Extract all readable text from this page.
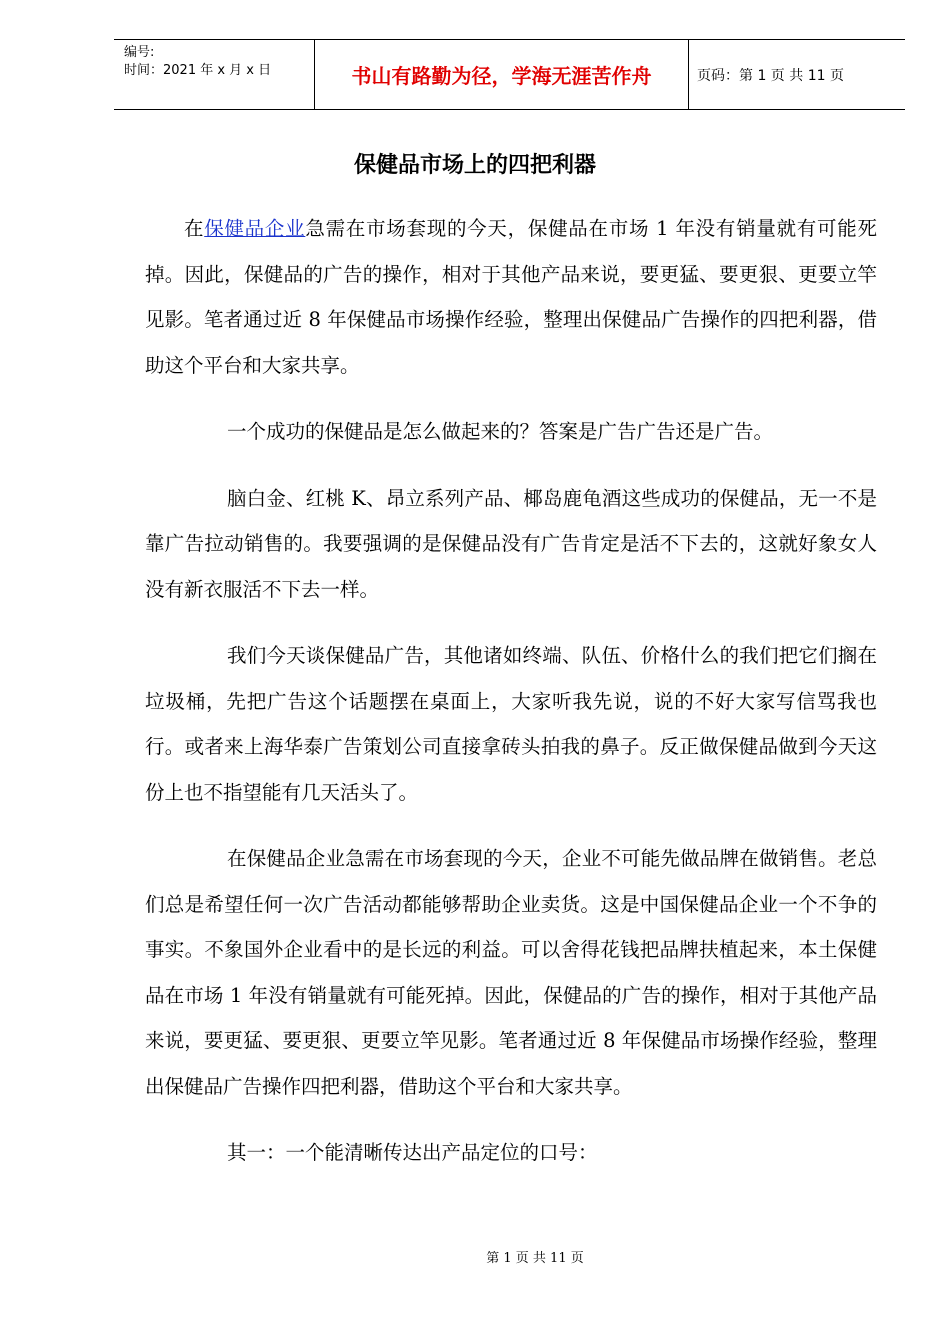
编号:
时间：2021 年 x 月 x 日	书山有路勤为径，学海无涯苦作舟	页码：第 1 页 共 11 页
保健品市场上的四把利器

在保健品企业急需在市场套现的今天，保健品在市场 1 年没有销量就有可能死掉。因此，保健品的广告的操作，相对于其他产品来说，要更猛、要更狠、更要立竿见影。笔者通过近 8 年保健品市场操作经验，整理出保健品广告操作的四把利器，借助这个平台和大家共享。

一个成功的保健品是怎么做起来的？答案是广告广告还是广告。

脑白金、红桃 K、昂立系列产品、椰岛鹿龟酒这些成功的保健品，无一不是靠广告拉动销售的。我要强调的是保健品没有广告肯定是活不下去的，这就好象女人没有新衣服活不下去一样。

我们今天谈保健品广告，其他诸如终端、队伍、价格什么的我们把它们搁在垃圾桶，先把广告这个话题摆在桌面上，大家听我先说，说的不好大家写信骂我也行。或者来上海华泰广告策划公司直接拿砖头拍我的鼻子。反正做保健品做到今天这份上也不指望能有几天活头了。

在保健品企业急需在市场套现的今天，企业不可能先做品牌在做销售。老总们总是希望任何一次广告活动都能够帮助企业卖货。这是中国保健品企业一个不争的事实。不象国外企业看中的是长远的利益。可以舍得花钱把品牌扶植起来，本土保健品在市场 1 年没有销量就有可能死掉。因此，保健品的广告的操作，相对于其他产品来说，要更猛、要更狠、更要立竿见影。笔者通过近 8 年保健品市场操作经验，整理出保健品广告操作四把利器，借助这个平台和大家共享。

其一：一个能清晰传达出产品定位的口号：

第 1 页 共 11 页
